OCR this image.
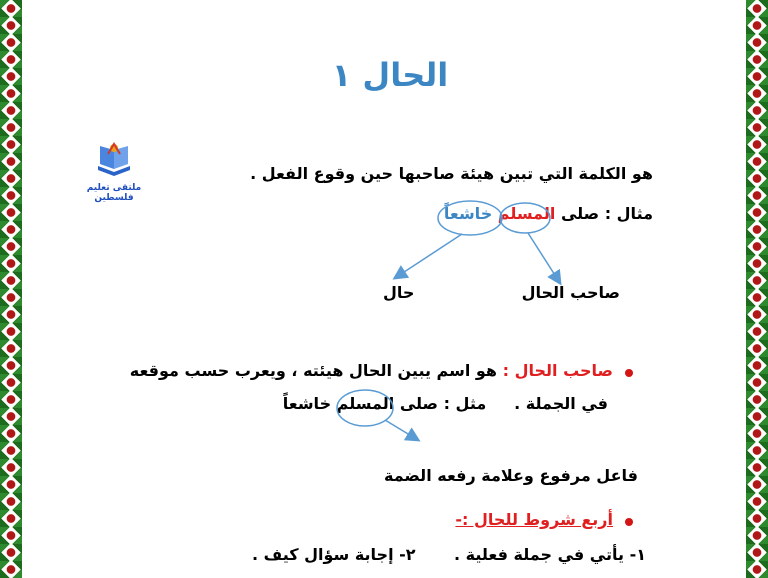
الحال ١
ملتقى تعليم فلسطين
هو الكلمة التي تبين هيئة صاحبها حين وقوع الفعل .
مثال : صلى المسلم خاشعاً
صاحب الحال
حال
صاحب الحال : هو اسم يبين الحال هيئته ، ويعرب حسب موقعه
في الجملة .     مثل : صلى المسلم خاشعاً
فاعل مرفوع وعلامة رفعه الضمة
أربع شروط للحال :-
١- يأتي في جملة فعلية .
٢- إجابة سؤال كيف .
